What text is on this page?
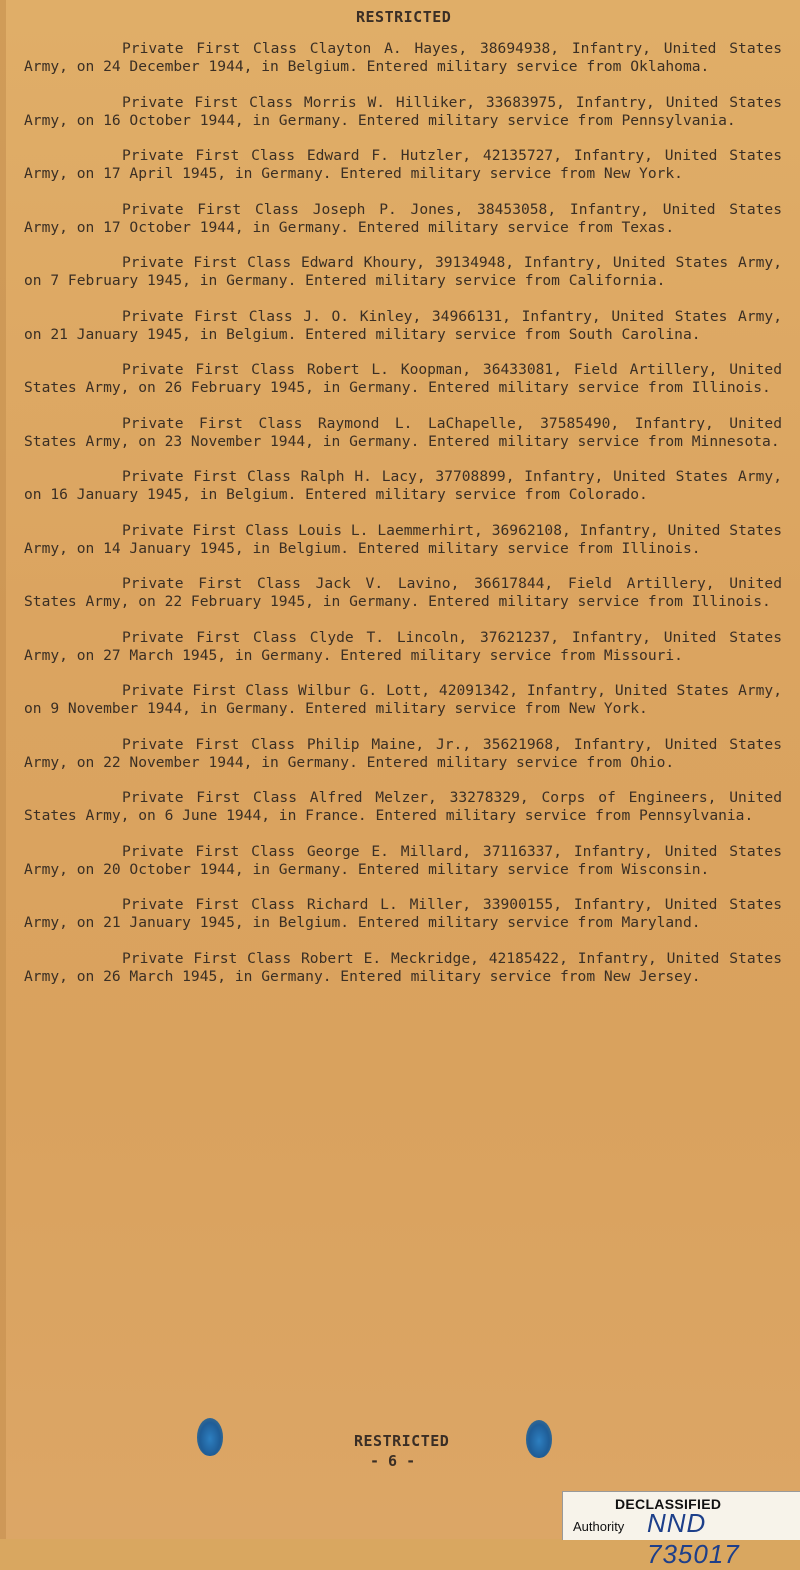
RESTRICTED
Private First Class Clayton A. Hayes, 38694938, Infantry, United States Army, on 24 December 1944, in Belgium. Entered military service from Oklahoma.
Private First Class Morris W. Hilliker, 33683975, Infantry, United States Army, on 16 October 1944, in Germany. Entered military service from Pennsylvania.
Private First Class Edward F. Hutzler, 42135727, Infantry, United States Army, on 17 April 1945, in Germany. Entered military service from New York.
Private First Class Joseph P. Jones, 38453058, Infantry, United States Army, on 17 October 1944, in Germany. Entered military service from Texas.
Private First Class Edward Khoury, 39134948, Infantry, United States Army, on 7 February 1945, in Germany. Entered military service from California.
Private First Class J. O. Kinley, 34966131, Infantry, United States Army, on 21 January 1945, in Belgium. Entered military service from South Carolina.
Private First Class Robert L. Koopman, 36433081, Field Artillery, United States Army, on 26 February 1945, in Germany. Entered military service from Illinois.
Private First Class Raymond L. LaChapelle, 37585490, Infantry, United States Army, on 23 November 1944, in Germany. Entered military service from Minnesota.
Private First Class Ralph H. Lacy, 37708899, Infantry, United States Army, on 16 January 1945, in Belgium. Entered military service from Colorado.
Private First Class Louis L. Laemmerhirt, 36962108, Infantry, United States Army, on 14 January 1945, in Belgium. Entered military service from Illinois.
Private First Class Jack V. Lavino, 36617844, Field Artillery, United States Army, on 22 February 1945, in Germany. Entered military service from Illinois.
Private First Class Clyde T. Lincoln, 37621237, Infantry, United States Army, on 27 March 1945, in Germany. Entered military service from Missouri.
Private First Class Wilbur G. Lott, 42091342, Infantry, United States Army, on 9 November 1944, in Germany. Entered military service from New York.
Private First Class Philip Maine, Jr., 35621968, Infantry, United States Army, on 22 November 1944, in Germany. Entered military service from Ohio.
Private First Class Alfred Melzer, 33278329, Corps of Engineers, United States Army, on 6 June 1944, in France. Entered military service from Pennsylvania.
Private First Class George E. Millard, 37116337, Infantry, United States Army, on 20 October 1944, in Germany. Entered military service from Wisconsin.
Private First Class Richard L. Miller, 33900155, Infantry, United States Army, on 21 January 1945, in Belgium. Entered military service from Maryland.
Private First Class Robert E. Meckridge, 42185422, Infantry, United States Army, on 26 March 1945, in Germany. Entered military service from New Jersey.
RESTRICTED
- 6 -
DECLASSIFIED
Authority NND 735017
